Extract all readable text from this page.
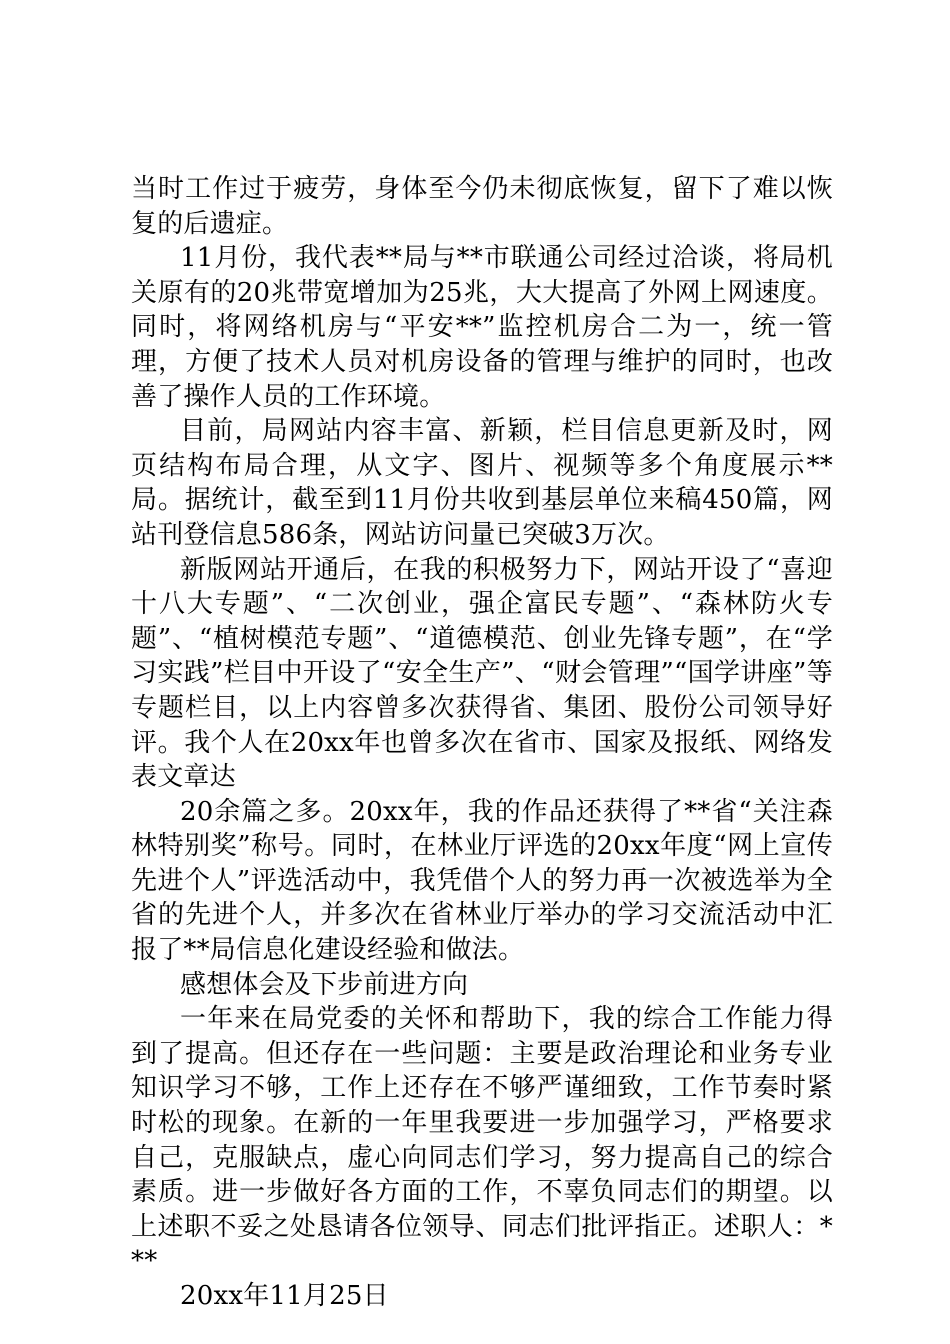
当时工作过于疲劳，身体至今仍未彻底恢复，留下了难以恢复的后遗症。

11月份，我代表**局与**市联通公司经过洽谈，将局机关原有的20兆带宽增加为25兆，大大提高了外网上网速度。同时，将网络机房与“平安**”监控机房合二为一，统一管理，方便了技术人员对机房设备的管理与维护的同时，也改善了操作人员的工作环境。

目前，局网站内容丰富、新颖，栏目信息更新及时，网页结构布局合理，从文字、图片、视频等多个角度展示**局。据统计，截至到11月份共收到基层单位来稿450篇，网站刊登信息586条，网站访问量已突破3万次。

新版网站开通后，在我的积极努力下，网站开设了“喜迎十八大专题”、“二次创业，强企富民专题”、“森林防火专题”、“植树模范专题”、“道德模范、创业先锋专题”，在“学习实践”栏目中开设了“安全生产”、“财会管理”“国学讲座”等专题栏目，以上内容曾多次获得省、集团、股份公司领导好评。我个人在20xx年也曾多次在省市、国家及报纸、网络发表文章达

20余篇之多。20xx年，我的作品还获得了**省“关注森林特别奖”称号。同时，在林业厅评选的20xx年度“网上宣传先进个人”评选活动中，我凭借个人的努力再一次被选举为全省的先进个人，并多次在省林业厅举办的学习交流活动中汇报了**局信息化建设经验和做法。

感想体会及下步前进方向

一年来在局党委的关怀和帮助下，我的综合工作能力得到了提高。但还存在一些问题：主要是政治理论和业务专业知识学习不够，工作上还存在不够严谨细致，工作节奏时紧时松的现象。在新的一年里我要进一步加强学习，严格要求自己，克服缺点，虚心向同志们学习，努力提高自己的综合素质。进一步做好各方面的工作，不辜负同志们的期望。以上述职不妥之处恳请各位领导、同志们批评指正。述职人：***

20xx年11月25日
